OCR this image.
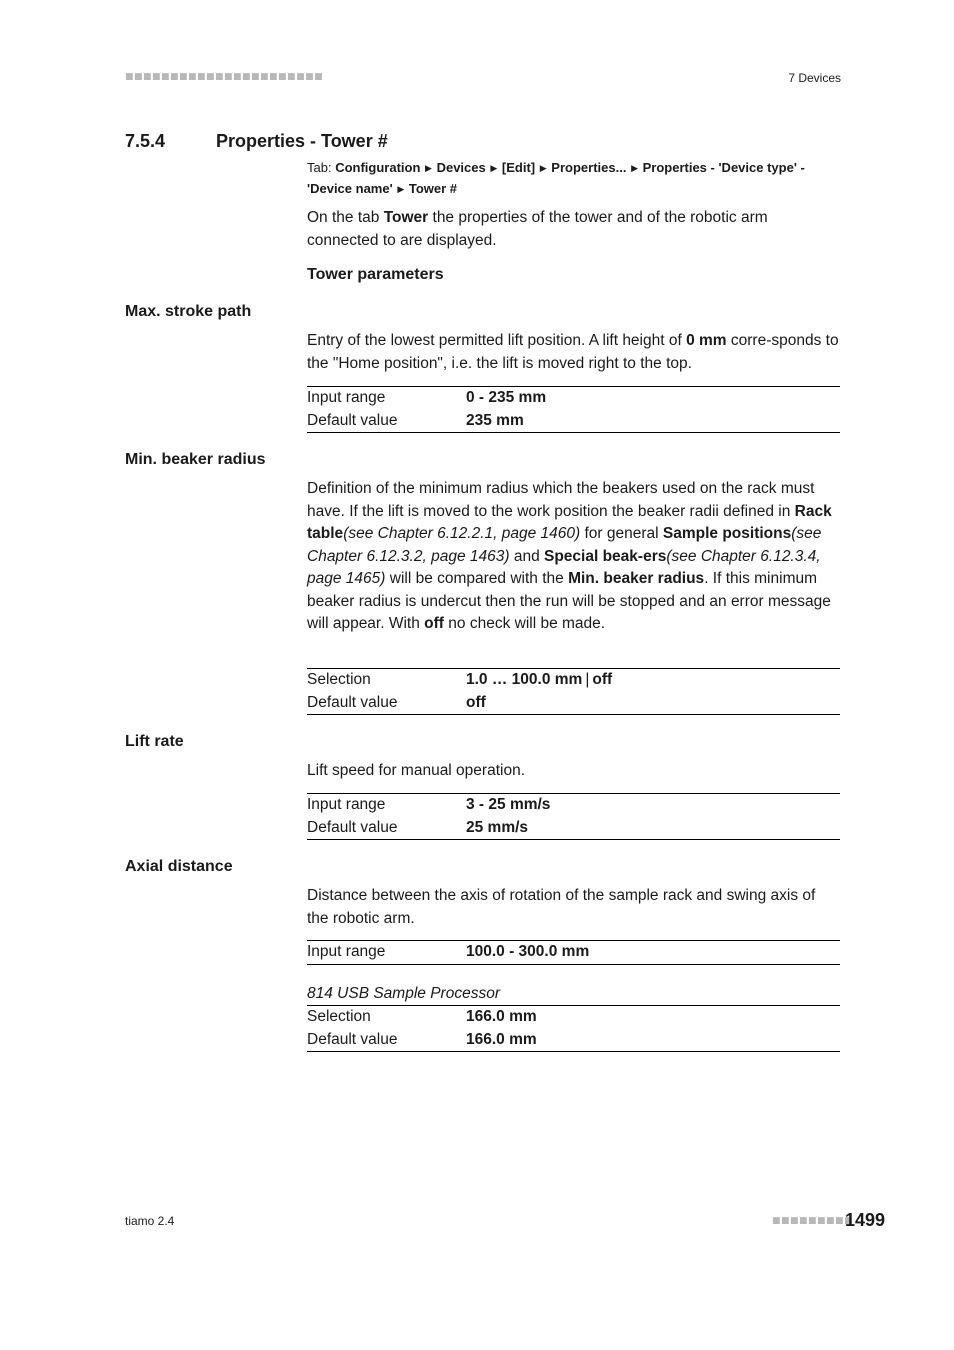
■■■■■■■■■■■■■■■■■■■■■■	7 Devices
7.5.4	Properties - Tower #
Tab: Configuration ▶ Devices ▶ [Edit] ▶ Properties... ▶ Properties - 'Device type' - 'Device name' ▶ Tower #
On the tab Tower the properties of the tower and of the robotic arm connected to are displayed.
Tower parameters
Max. stroke path
Entry of the lowest permitted lift position. A lift height of 0 mm corre-sponds to the "Home position", i.e. the lift is moved right to the top.
Input range	0 - 235 mm
Default value	235 mm
Min. beaker radius
Definition of the minimum radius which the beakers used on the rack must have. If the lift is moved to the work position the beaker radii defined in Rack table(see Chapter 6.12.2.1, page 1460) for general Sample positions(see Chapter 6.12.3.2, page 1463) and Special beak-ers(see Chapter 6.12.3.4, page 1465) will be compared with the Min. beaker radius. If this minimum beaker radius is undercut then the run will be stopped and an error message will appear. With off no check will be made.
Selection	1.0 … 100.0 mm | off
Default value	off
Lift rate
Lift speed for manual operation.
Input range	3 - 25 mm/s
Default value	25 mm/s
Axial distance
Distance between the axis of rotation of the sample rack and swing axis of the robotic arm.
Input range	100.0 - 300.0 mm
814 USB Sample Processor
Selection	166.0 mm
Default value	166.0 mm
tiamo 2.4	■■■■■■■■■
1499
